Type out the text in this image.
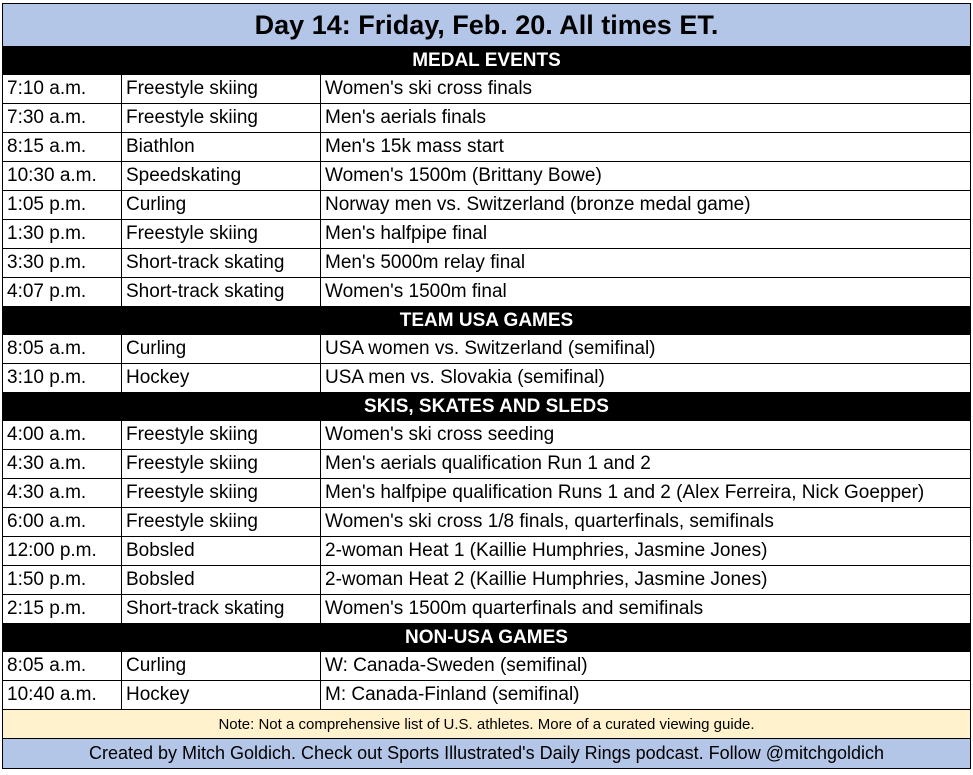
Day 14: Friday, Feb. 20. All times ET.
MEDAL EVENTS
7:10 a.m.	Freestyle skiing	Women's ski cross finals
7:30 a.m.	Freestyle skiing	Men's aerials finals
8:15 a.m.	Biathlon	Men's 15k mass start
10:30 a.m.	Speedskating	Women's 1500m (Brittany Bowe)
1:05 p.m.	Curling	Norway men vs. Switzerland (bronze medal game)
1:30 p.m.	Freestyle skiing	Men's halfpipe final
3:30 p.m.	Short-track skating	Men's 5000m relay final
4:07 p.m.	Short-track skating	Women's 1500m final
TEAM USA GAMES
8:05 a.m.	Curling	USA women vs. Switzerland (semifinal)
3:10 p.m.	Hockey	USA men vs. Slovakia (semifinal)
SKIS, SKATES AND SLEDS
4:00 a.m.	Freestyle skiing	Women's ski cross seeding
4:30 a.m.	Freestyle skiing	Men's aerials qualification Run 1 and 2
4:30 a.m.	Freestyle skiing	Men's halfpipe qualification Runs 1 and 2 (Alex Ferreira, Nick Goepper)
6:00 a.m.	Freestyle skiing	Women's ski cross 1/8 finals, quarterfinals, semifinals
12:00 p.m.	Bobsled	2-woman Heat 1 (Kaillie Humphries, Jasmine Jones)
1:50 p.m.	Bobsled	2-woman Heat 2 (Kaillie Humphries, Jasmine Jones)
2:15 p.m.	Short-track skating	Women's 1500m quarterfinals and semifinals
NON-USA GAMES
8:05 a.m.	Curling	W: Canada-Sweden (semifinal)
10:40 a.m.	Hockey	M: Canada-Finland (semifinal)
Note: Not a comprehensive list of U.S. athletes. More of a curated viewing guide.
Created by Mitch Goldich. Check out Sports Illustrated's Daily Rings podcast. Follow @mitchgoldich
